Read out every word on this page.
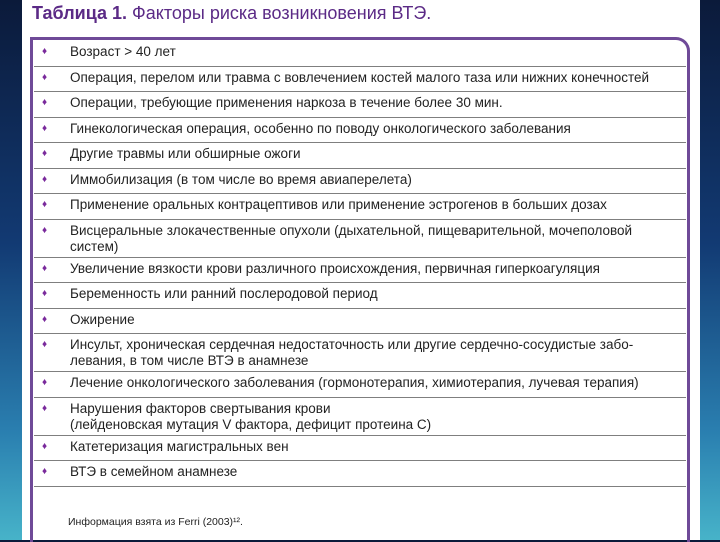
Таблица 1. Факторы риска возникновения ВТЭ.
♦	Возраст > 40 лет
♦	Операция, перелом или травма с вовлечением костей малого таза или нижних конечностей
♦	Операции, требующие применения наркоза в течение более 30 мин.
♦	Гинекологическая операция, особенно по поводу онкологического заболевания
♦	Другие травмы или обширные ожоги
♦	Иммобилизация (в том числе во время авиаперелета)
♦	Применение оральных контрацептивов или применение эстрогенов в больших дозах
♦	Висцеральные злокачественные опухоли (дыхательной, пищеварительной, мочеполовой
систем)
♦	Увеличение вязкости крови различного происхождения, первичная гиперкоагуляция
♦	Беременность или ранний послеродовой период
♦	Ожирение
♦	Инсульт, хроническая сердечная недостаточность или другие сердечно-сосудистые забо-
левания, в том числе ВТЭ в анамнезе
♦	Лечение онкологического заболевания (гормонотерапия, химиотерапия, лучевая терапия)
♦	Нарушения факторов свертывания крови
(лейденовская мутация V фактора, дефицит протеина С)
♦	Катетеризация магистральных вен
♦	ВТЭ в семейном анамнезе
Информация взята из Ferri (2003)¹².
